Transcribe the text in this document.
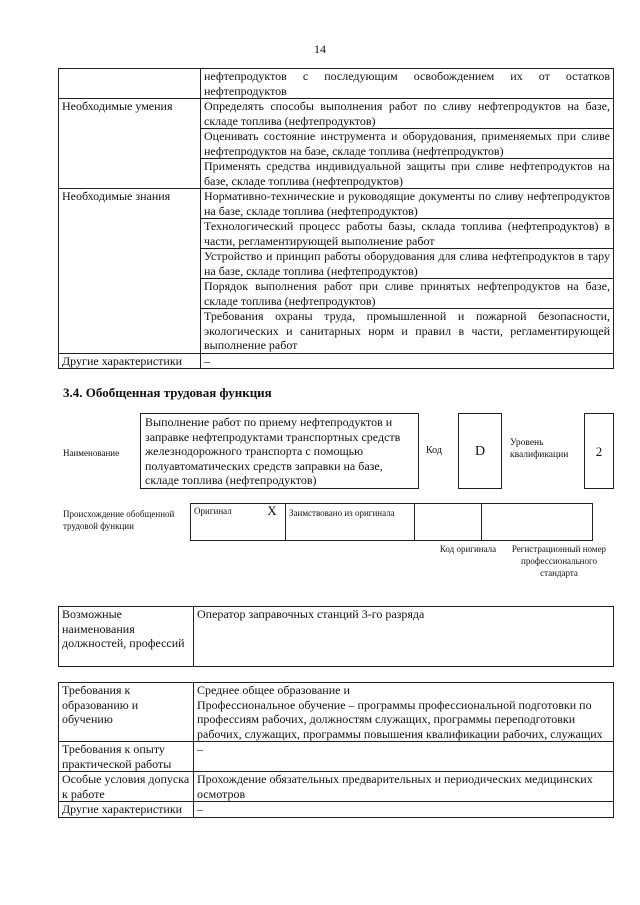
14
	нефтепродуктов с последующим освобождением их от остатков нефтепродуктов
Необходимые умения	Определять способы выполнения работ по сливу нефтепродуктов на базе, складе топлива (нефтепродуктов)
	Оценивать состояние инструмента и оборудования, применяемых при сливе нефтепродуктов на базе, складе топлива (нефтепродуктов)
	Применять средства индивидуальной защиты при сливе нефтепродуктов на базе, складе топлива (нефтепродуктов)
Необходимые знания	Нормативно-технические и руководящие документы по сливу нефтепродуктов на базе, складе топлива (нефтепродуктов)
	Технологический процесс работы базы, склада топлива (нефтепродуктов) в части, регламентирующей выполнение работ
	Устройство и принцип работы оборудования для слива нефтепродуктов в тару на базе, складе топлива (нефтепродуктов)
	Порядок выполнения работ при сливе принятых нефтепродуктов на базе, складе топлива (нефтепродуктов)
	Требования охраны труда, промышленной и пожарной безопасности, экологических и санитарных норм и правил в части, регламентирующей выполнение работ
Другие характеристики	–
3.4. Обобщенная трудовая функция
Наименование
Выполнение работ по приему нефтепродуктов и заправке нефтепродуктами транспортных средств железнодорожного транспорта с помощью полуавтоматических средств заправки на базе, складе топлива (нефтепродуктов)
Код	D
Уровень квалификации	2
Происхождение обобщенной трудовой функции
Оригинал	X	Заимствовано из оригинала		
Код оригинала	Регистрационный номер профессионального стандарта
Возможные наименования должностей, профессий	Оператор заправочных станций 3-го разряда
Требования к образованию и обучению	Среднее общее образование и
Профессиональное обучение – программы профессиональной подготовки по профессиям рабочих, должностям служащих, программы переподготовки рабочих, служащих, программы повышения квалификации рабочих, служащих
Требования к опыту практической работы	–
Особые условия допуска к работе	Прохождение обязательных предварительных и периодических медицинских осмотров
Другие характеристики	–
